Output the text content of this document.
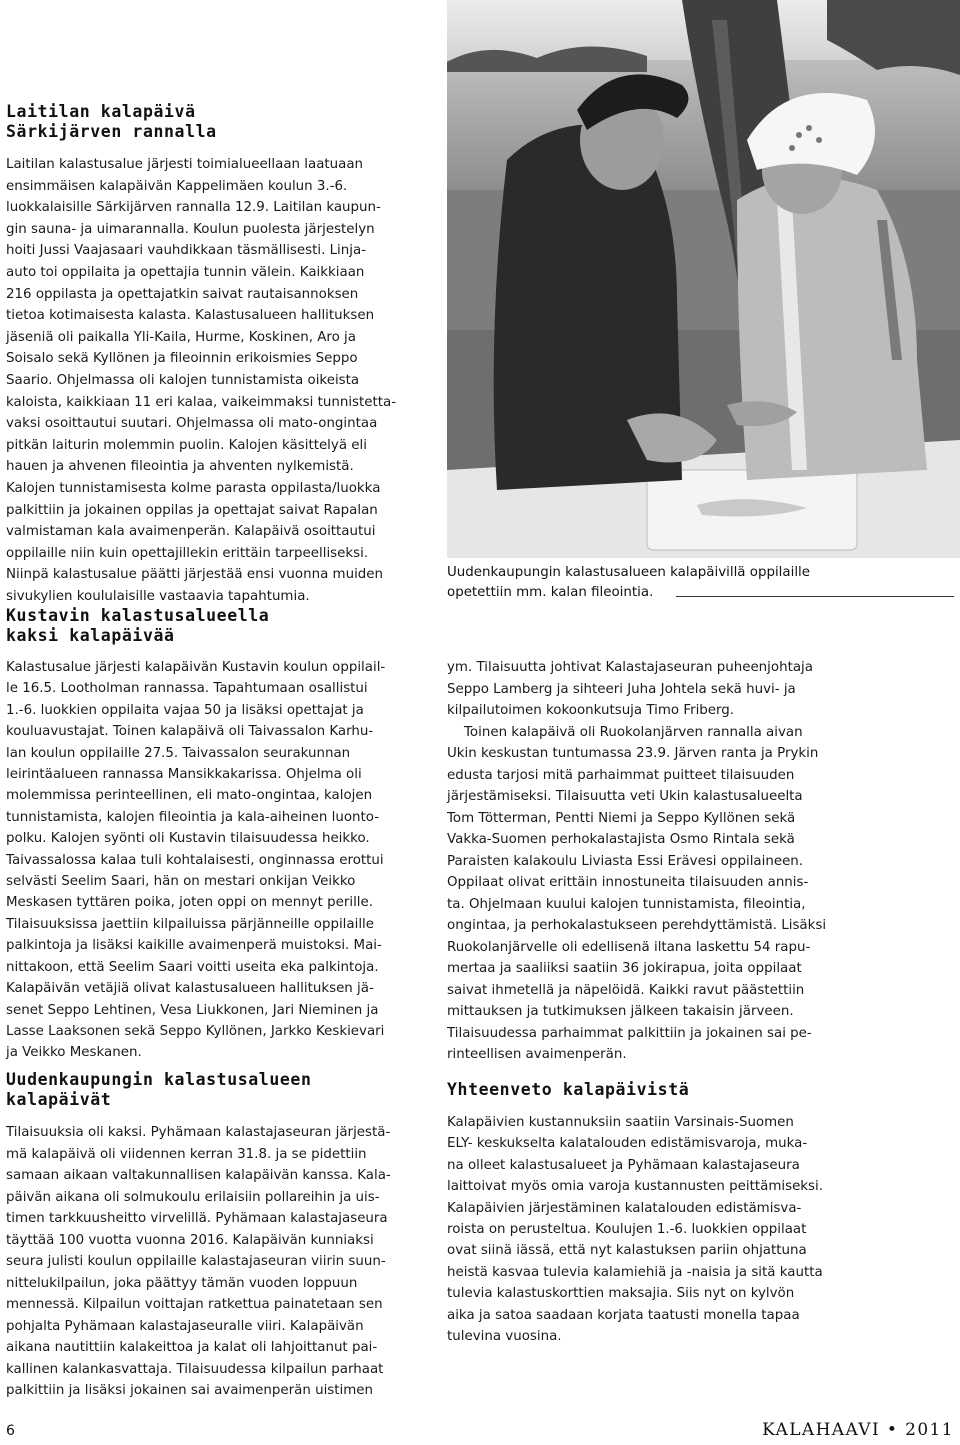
Uudenkaupungin kalastusalueen kalapäivillä oppilaille
opetettiin mm. kalan fileointia.
Laitilan kalapäivä
Särkijärven rannalla
Laitilan kalastusalue järjesti toimialueellaan laatuaan
ensimmäisen kalapäivän Kappelimäen koulun 3.-6.
luokkalaisille Särkijärven rannalla 12.9. Laitilan kaupun-
gin sauna- ja uimarannalla. Koulun puolesta järjestelyn
hoiti Jussi Vaajasaari vauhdikkaan täsmällisesti. Linja-
auto toi oppilaita ja opettajia tunnin välein. Kaikkiaan
216 oppilasta ja opettajatkin saivat rautaisannoksen
tietoa kotimaisesta kalasta. Kalastusalueen hallituksen
jäseniä oli paikalla Yli-Kaila, Hurme, Koskinen, Aro ja
Soisalo sekä Kyllönen ja fileoinnin erikoismies Seppo
Saario. Ohjelmassa oli kalojen tunnistamista oikeista
kaloista, kaikkiaan 11 eri kalaa, vaikeimmaksi tunnistetta-
vaksi osoittautui suutari. Ohjelmassa oli mato-ongintaa
pitkän laiturin molemmin puolin. Kalojen käsittelyä eli
hauen ja ahvenen fileointia ja ahventen nylkemistä.
Kalojen tunnistamisesta kolme parasta oppilasta/luokka
palkittiin ja jokainen oppilas ja opettajat saivat Rapalan
valmistaman kala avaimenperän. Kalapäivä osoittautui
oppilaille niin kuin opettajillekin erittäin tarpeelliseksi.
Niinpä kalastusalue päätti järjestää ensi vuonna muiden
sivukylien koululaisille vastaavia tapahtumia.
Kustavin kalastusalueella
kaksi kalapäivää
Kalastusalue järjesti kalapäivän Kustavin koulun oppilail-
le 16.5. Lootholman rannassa. Tapahtumaan osallistui
1.-6. luokkien oppilaita vajaa 50 ja lisäksi opettajat ja
kouluavustajat. Toinen kalapäivä oli Taivassalon Karhu-
lan koulun oppilaille 27.5. Taivassalon seurakunnan
leirintäalueen rannassa Mansikkakarissa. Ohjelma oli
molemmissa perinteellinen, eli mato-ongintaa, kalojen
tunnistamista, kalojen fileointia ja kala-aiheinen luonto-
polku. Kalojen syönti oli Kustavin tilaisuudessa heikko.
Taivassalossa kalaa tuli kohtalaisesti, onginnassa erottui
selvästi Seelim Saari, hän on mestari onkijan Veikko
Meskasen tyttären poika, joten oppi on mennyt perille.
Tilaisuuksissa jaettiin kilpailuissa pärjänneille oppilaille
palkintoja ja lisäksi kaikille avaimenperä muistoksi. Mai-
nittakoon, että Seelim Saari voitti useita eka palkintoja.
Kalapäivän vetäjiä olivat kalastusalueen hallituksen jä-
senet Seppo Lehtinen, Vesa Liukkonen, Jari Nieminen ja
Lasse Laaksonen sekä Seppo Kyllönen, Jarkko Keskievari
ja Veikko Meskanen.
Uudenkaupungin kalastusalueen
kalapäivät
Tilaisuuksia oli kaksi. Pyhämaan kalastajaseuran järjestä-
mä kalapäivä oli viidennen kerran 31.8. ja se pidettiin
samaan aikaan valtakunnallisen kalapäivän kanssa. Kala-
päivän aikana oli solmukoulu erilaisiin pollareihin ja uis-
timen tarkkuusheitto virvelillä. Pyhämaan kalastajaseura
täyttää 100 vuotta vuonna 2016. Kalapäivän kunniaksi
seura julisti koulun oppilaille kalastajaseuran viirin suun-
nittelukilpailun, joka päättyy tämän vuoden loppuun
mennessä. Kilpailun voittajan ratkettua painatetaan sen
pohjalta Pyhämaan kalastajaseuralle viiri. Kalapäivän
aikana nautittiin kalakeittoa ja kalat oli lahjoittanut pai-
kallinen kalankasvattaja. Tilaisuudessa kilpailun parhaat
palkittiin ja lisäksi jokainen sai avaimenperän uistimen
ym. Tilaisuutta johtivat Kalastajaseuran puheenjohtaja
Seppo Lamberg ja sihteeri Juha Johtela sekä huvi- ja
kilpailutoimen kokoonkutsuja Timo Friberg.
Toinen kalapäivä oli Ruokolanjärven rannalla aivan
Ukin keskustan tuntumassa 23.9. Järven ranta ja Prykin
edusta tarjosi mitä parhaimmat puitteet tilaisuuden
järjestämiseksi. Tilaisuutta veti Ukin kalastusalueelta
Tom Tötterman, Pentti Niemi ja Seppo Kyllönen sekä
Vakka-Suomen perhokalastajista Osmo Rintala sekä
Paraisten kalakoulu Liviasta Essi Erävesi oppilaineen.
Oppilaat olivat erittäin innostuneita tilaisuuden annis-
ta. Ohjelmaan kuului kalojen tunnistamista, fileointia,
ongintaa, ja perhokalastukseen perehdyttämistä. Lisäksi
Ruokolanjärvelle oli edellisenä iltana laskettu 54 rapu-
mertaa ja saaliiksi saatiin 36 jokirapua, joita oppilaat
saivat ihmetellä ja näpelöidä. Kaikki ravut päästettiin
mittauksen ja tutkimuksen jälkeen takaisin järveen.
Tilaisuudessa parhaimmat palkittiin ja jokainen sai pe-
rinteellisen avaimenperän.
Yhteenveto kalapäivistä
Kalapäivien kustannuksiin saatiin Varsinais-Suomen
ELY- keskukselta kalatalouden edistämisvaroja, muka-
na olleet kalastusalueet ja Pyhämaan kalastajaseura
laittoivat myös omia varoja kustannusten peittämiseksi.
Kalapäivien järjestäminen kalatalouden edistämisva-
roista on perusteltua. Koulujen 1.-6. luokkien oppilaat
ovat siinä iässä, että nyt kalastuksen pariin ohjattuna
heistä kasvaa tulevia kalamiehiä ja -naisia ja sitä kautta
tulevia kalastuskorttien maksajia. Siis nyt on kylvön
aika ja satoa saadaan korjata taatusti monella tapaa
tulevina vuosina.
6	KALAHAAVI • 2011
